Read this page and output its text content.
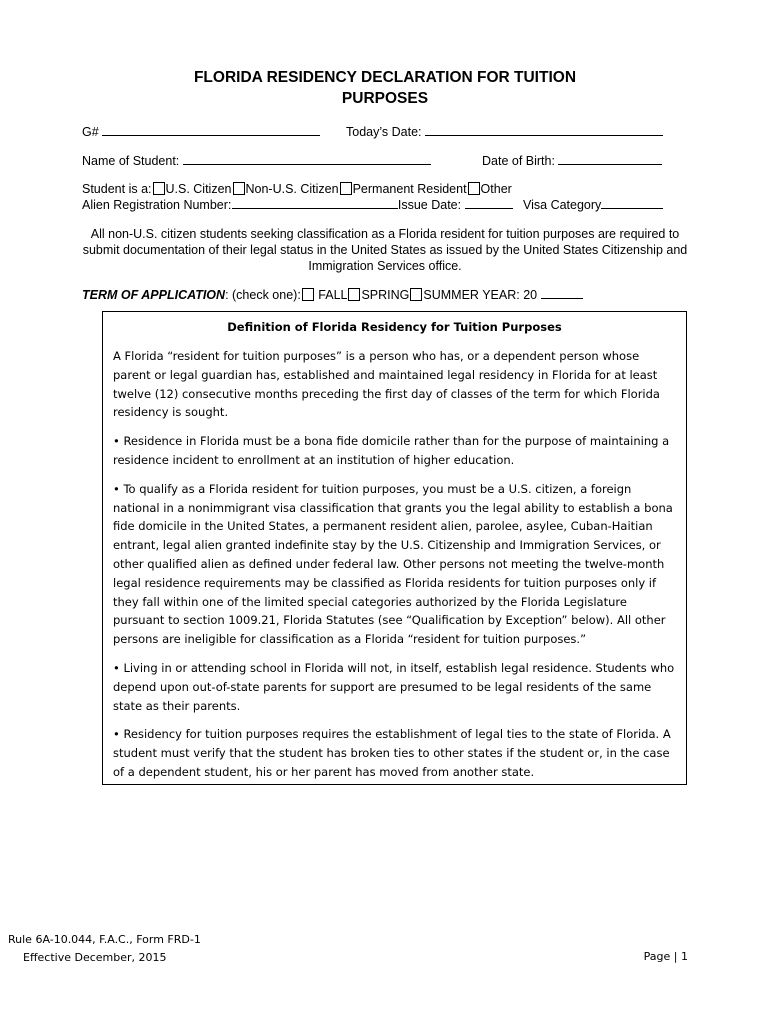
FLORIDA RESIDENCY DECLARATION FOR TUITION
PURPOSES
G#	Today’s Date:
Name of Student:	Date of Birth:
Student is a: U.S. Citizen Non-U.S. Citizen Permanent Resident Other
Alien Registration Number:	Issue Date:	Visa Category
All non-U.S. citizen students seeking classification as a Florida resident for tuition purposes are required to submit documentation of their legal status in the United States as issued by the United States Citizenship and Immigration Services office.
TERM OF APPLICATION: (check one): FALL SPRING SUMMER YEAR: 20
Definition of Florida Residency for Tuition Purposes

A Florida “resident for tuition purposes” is a person who has, or a dependent person whose parent or legal guardian has, established and maintained legal residency in Florida for at least twelve (12) consecutive months preceding the first day of classes of the term for which Florida residency is sought.

• Residence in Florida must be a bona fide domicile rather than for the purpose of maintaining a residence incident to enrollment at an institution of higher education.

• To qualify as a Florida resident for tuition purposes, you must be a U.S. citizen, a foreign national in a nonimmigrant visa classification that grants you the legal ability to establish a bona fide domicile in the United States, a permanent resident alien, parolee, asylee, Cuban-Haitian entrant, legal alien granted indefinite stay by the U.S. Citizenship and Immigration Services, or other qualified alien as defined under federal law. Other persons not meeting the twelve-month legal residence requirements may be classified as Florida residents for tuition purposes only if they fall within one of the limited special categories authorized by the Florida Legislature pursuant to section 1009.21, Florida Statutes (see “Qualification by Exception” below). All other persons are ineligible for classification as a Florida “resident for tuition purposes.”

• Living in or attending school in Florida will not, in itself, establish legal residence. Students who depend upon out-of-state parents for support are presumed to be legal residents of the same state as their parents.

• Residency for tuition purposes requires the establishment of legal ties to the state of Florida. A student must verify that the student has broken ties to other states if the student or, in the case of a dependent student, his or her parent has moved from another state.

Rule 6A-10.044, F.A.C., Form FRD-1
Effective December, 2015	Page | 1
